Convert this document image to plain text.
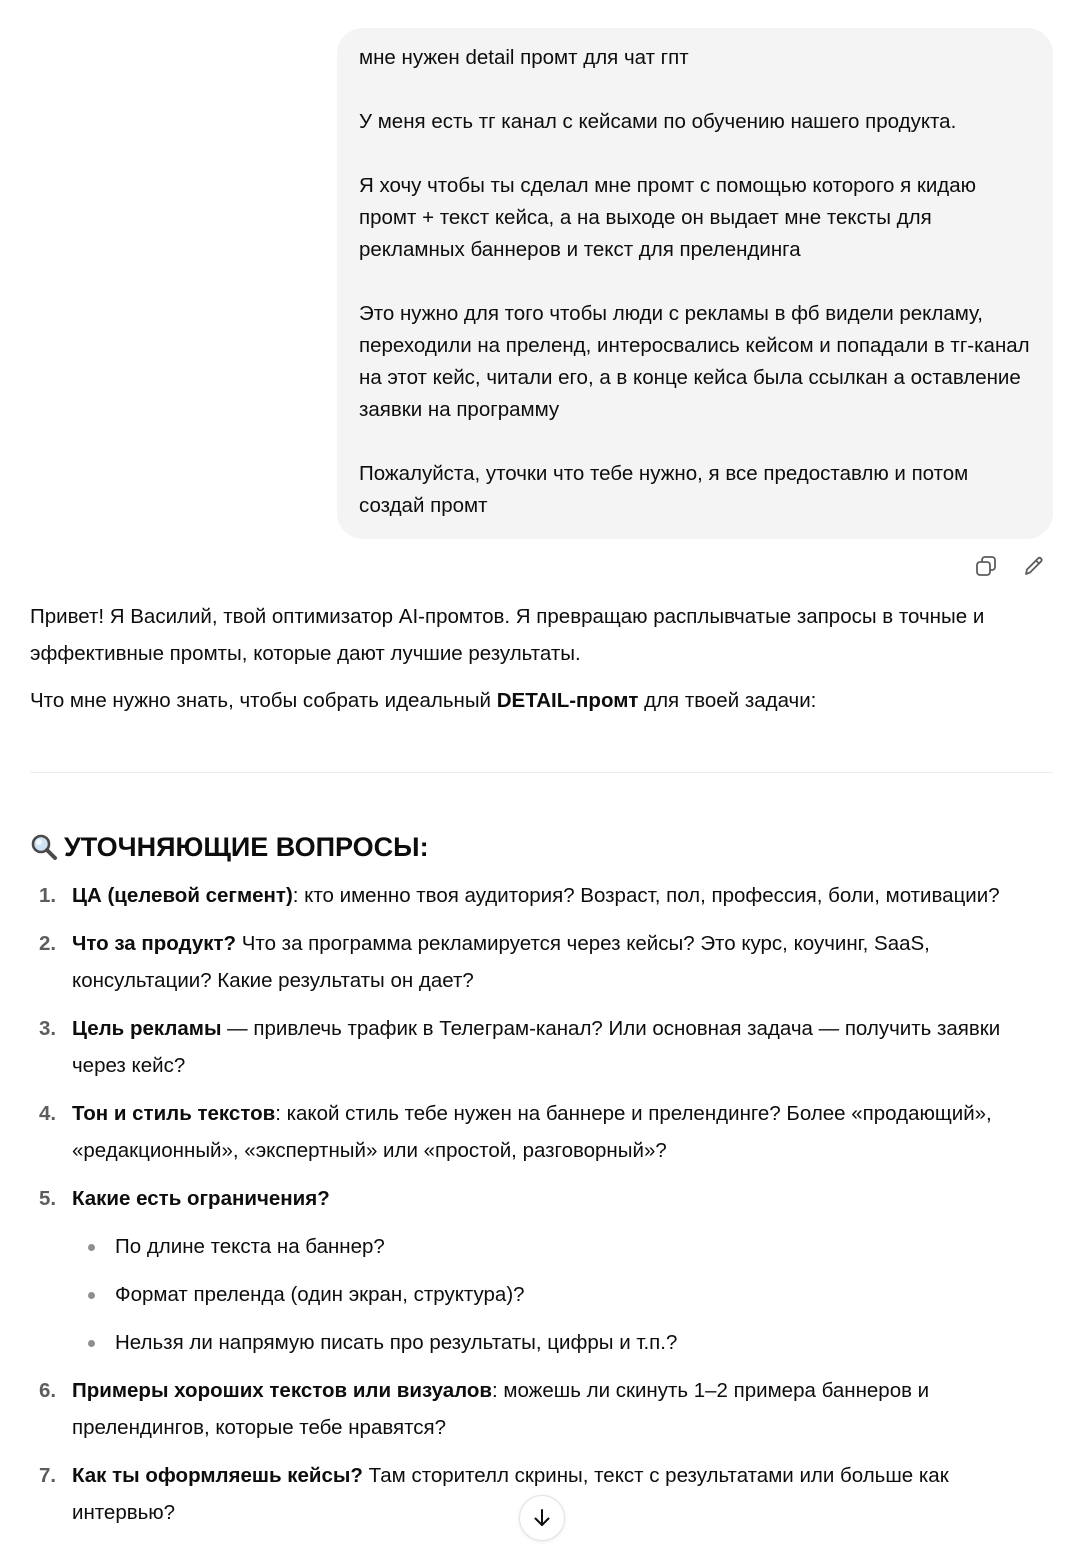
мне нужен detail промт для чат гпт

У меня есть тг канал с кейсами по обучению нашего продукта.

Я хочу чтобы ты сделал мне промт с помощью которого я кидаю промт + текст кейса, а на выходе он выдает мне тексты для рекламных баннеров и текст для прелендинга

Это нужно для того чтобы люди с рекламы в фб видели рекламу, переходили на преленд, интеросвались кейсом и попадали в тг-канал на этот кейс, читали его, а в конце кейса была ссылкан а оставление заявки на программу

Пожалуйста, уточки что тебе нужно, я все предоставлю и потом создай промт

Привет! Я Василий, твой оптимизатор AI-промтов. Я превращаю расплывчатые запросы в точные и эффективные промты, которые дают лучшие результаты.

Что мне нужно знать, чтобы собрать идеальный DETAIL-промт для твоей задачи:

УТОЧНЯЮЩИЕ ВОПРОСЫ:
1. ЦА (целевой сегмент): кто именно твоя аудитория? Возраст, пол, профессия, боли, мотивации?
2. Что за продукт? Что за программа рекламируется через кейсы? Это курс, коучинг, SaaS, консультации? Какие результаты он дает?
3. Цель рекламы — привлечь трафик в Телеграм-канал? Или основная задача — получить заявки через кейс?
4. Тон и стиль текстов: какой стиль тебе нужен на баннере и прелендинге? Более «продающий», «редакционный», «экспертный» или «простой, разговорный»?
5. Какие есть ограничения?
По длине текста на баннер?
Формат преленда (один экран, структура)?
Нельзя ли напрямую писать про результаты, цифры и т.п.?
6. Примеры хороших текстов или визуалов: можешь ли скинуть 1–2 примера баннеров и прелендингов, которые тебе нравятся?
7. Как ты оформляешь кейсы? Там сторителл скрины, текст с результатами или больше как интервью?
